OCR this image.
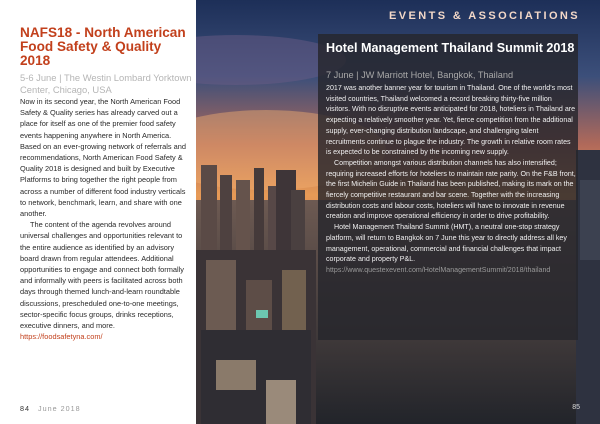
NAFS18 - North American Food Safety & Quality 2018
5-6 June | The Westin Lombard Yorktown Center, Chicago, USA

Now in its second year, the North American Food Safety & Quality series has already carved out a place for itself as one of the premier food safety events happening anywhere in North America. Based on an ever-growing network of referrals and recommendations, North American Food Safety & Quality 2018 is designed and built by Executive Platforms to bring together the right people from across a number of different food industry verticals to network, benchmark, learn, and share with one another.

The content of the agenda revolves around universal challenges and opportunities relevant to the entire audience as identified by an advisory board drawn from regular attendees. Additional opportunities to engage and connect both formally and informally with peers is facilitated across both days through themed lunch-and-learn roundtable discussions, prescheduled one-to-one meetings, sector-specific focus groups, drinks receptions, executive dinners, and more.

https://foodsafetyna.com/

84 June 2018
EVENTS & ASSOCIATIONS
85
Hotel Management Thailand Summit 2018
7 June | JW Marriott Hotel, Bangkok, Thailand

2017 was another banner year for tourism in Thailand. One of the world's most visited countries, Thailand welcomed a record breaking thirty-five million visitors. With no disruptive events anticipated for 2018, hoteliers in Thailand are expecting a relatively smoother year. Yet, fierce competition from the additional supply, ever-changing distribution landscape, and challenging talent recruitments continue to plague the industry. The growth in relative room rates is expected to be constrained by the incoming new supply.

Competition amongst various distribution channels has also intensified; requiring increased efforts for hoteliers to maintain rate parity. On the F&B front, the first Michelin Guide in Thailand has been published, making its mark on the fiercely competitive restaurant and bar scene. Together with the increasing distribution costs and labour costs, hoteliers will have to innovate in revenue creation and improve operational efficiency in order to drive profitability.

Hotel Management Thailand Summit (HMT), a neutral one-stop strategy platform, will return to Bangkok on 7 June this year to directly address all key management, operational, commercial and financial challenges that impact corporate and property P&L.

https://www.questexevent.com/HotelManagementSummit/2018/thailand
